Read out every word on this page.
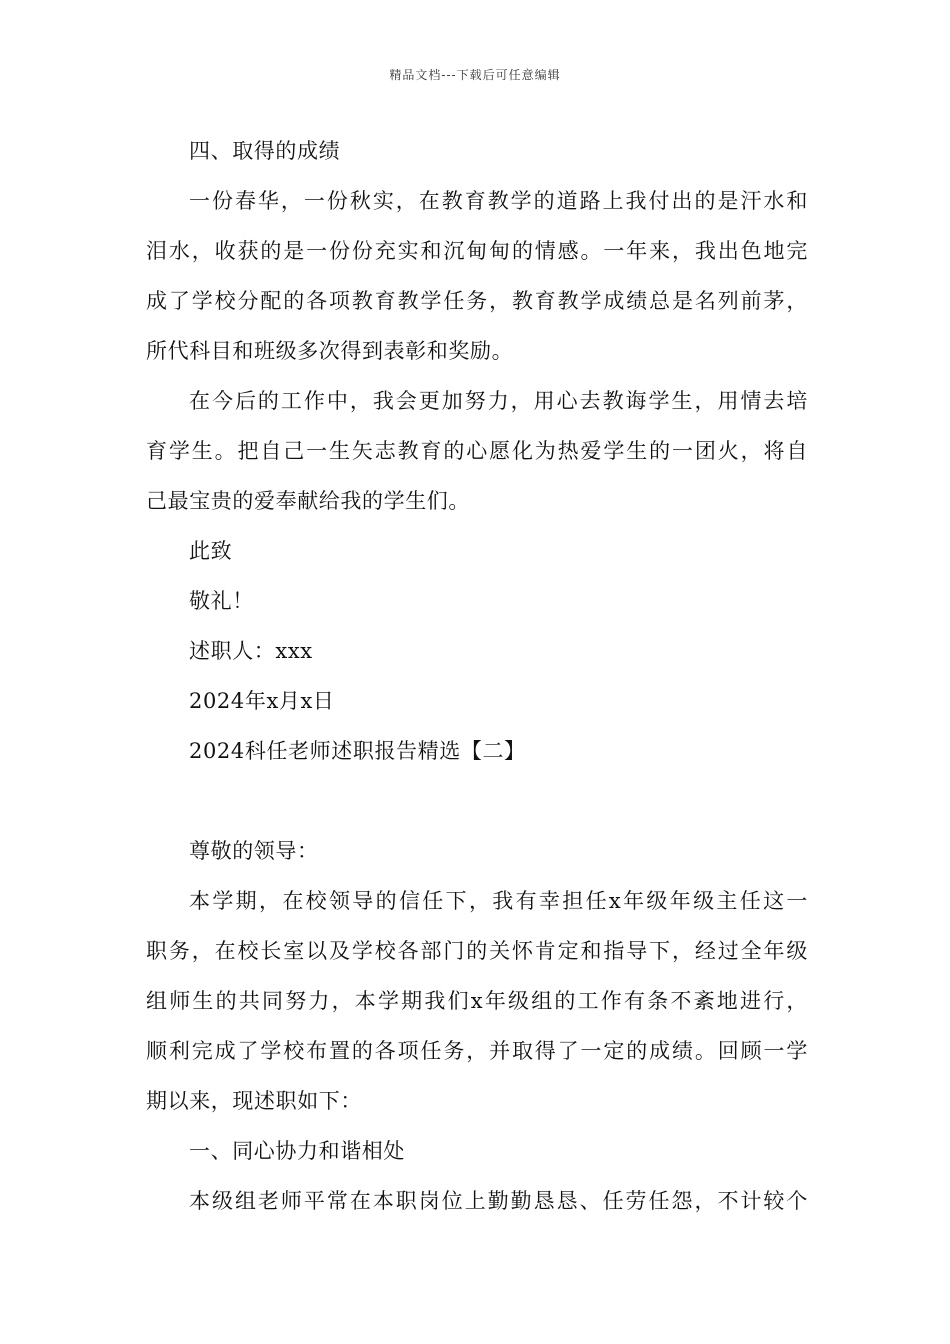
精品文档---下载后可任意编辑
四、取得的成绩
一份春华，一份秋实，在教育教学的道路上我付出的是汗水和
泪水，收获的是一份份充实和沉甸甸的情感。一年来，我出色地完
成了学校分配的各项教育教学任务，教育教学成绩总是名列前茅，
所代科目和班级多次得到表彰和奖励。
在今后的工作中，我会更加努力，用心去教诲学生，用情去培
育学生。把自己一生矢志教育的心愿化为热爱学生的一团火，将自
己最宝贵的爱奉献给我的学生们。
此致
敬礼！
述职人：xxx
2024年x月x日
2024科任老师述职报告精选【二】
尊敬的领导：
本学期，在校领导的信任下，我有幸担任x年级年级主任这一
职务，在校长室以及学校各部门的关怀肯定和指导下，经过全年级
组师生的共同努力，本学期我们x年级组的工作有条不紊地进行，
顺利完成了学校布置的各项任务，并取得了一定的成绩。回顾一学
期以来，现述职如下：
一、同心协力和谐相处
本级组老师平常在本职岗位上勤勤恳恳、任劳任怨，不计较个
